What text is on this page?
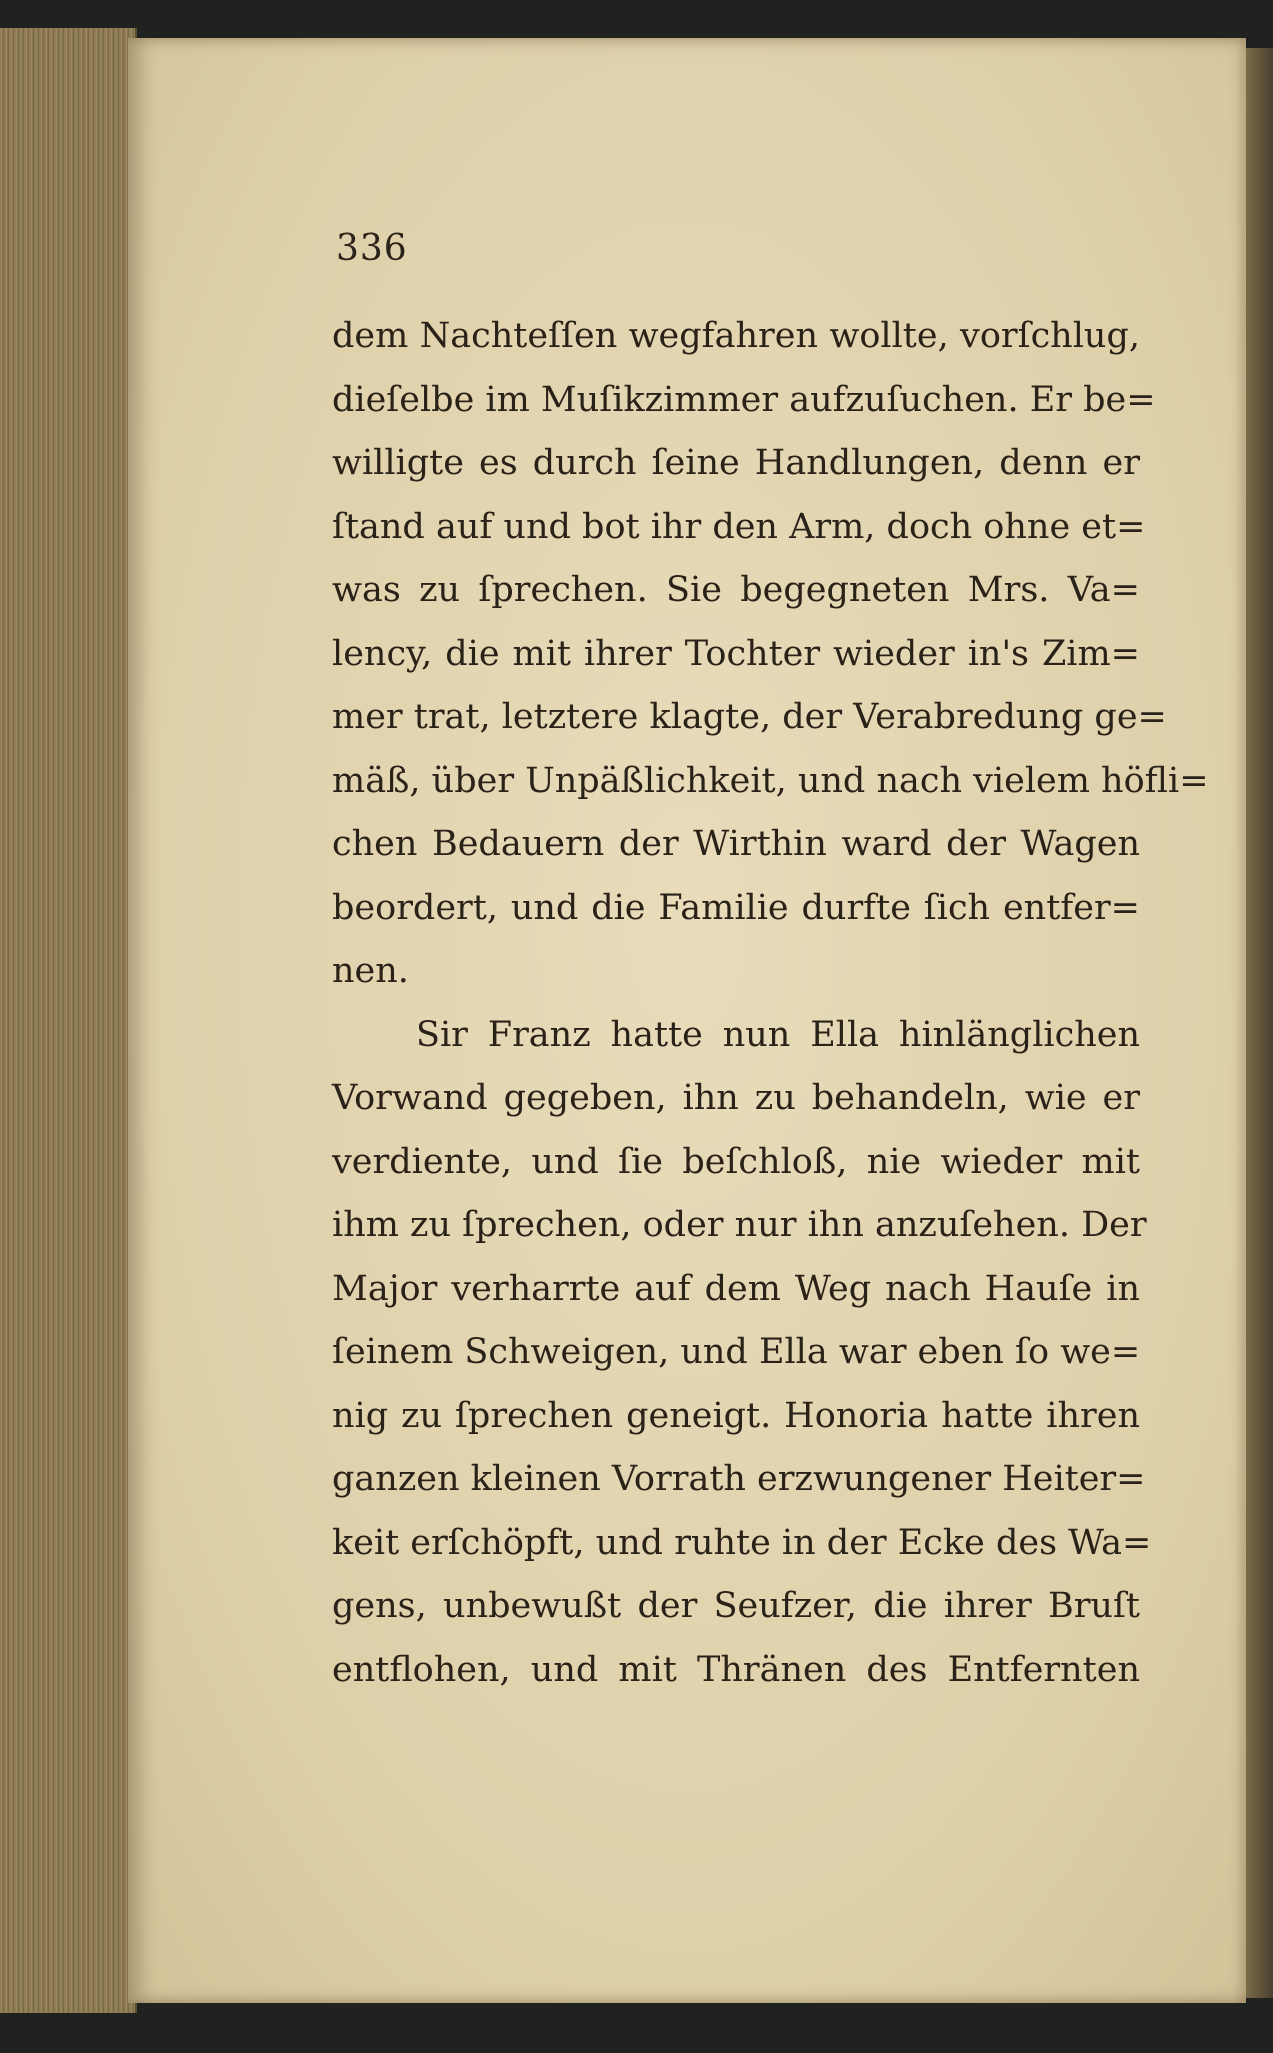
336
dem Nachteſſen wegfahren wollte, vorſchlug,
dieſelbe im Muſikzimmer aufzuſuchen. Er be=
willigte es durch ſeine Handlungen, denn er
ſtand auf und bot ihr den Arm, doch ohne et=
was zu ſprechen. Sie begegneten Mrs. Va=
lency, die mit ihrer Tochter wieder in's Zim=
mer trat, letztere klagte, der Verabredung ge=
mäß, über Unpäßlichkeit, und nach vielem höfli=
chen Bedauern der Wirthin ward der Wagen
beordert, und die Familie durfte ſich entfer=
nen.
Sir Franz hatte nun Ella hinlänglichen
Vorwand gegeben, ihn zu behandeln, wie er
verdiente, und ſie beſchloß, nie wieder mit
ihm zu ſprechen, oder nur ihn anzuſehen. Der
Major verharrte auf dem Weg nach Hauſe in
ſeinem Schweigen, und Ella war eben ſo we=
nig zu ſprechen geneigt. Honoria hatte ihren
ganzen kleinen Vorrath erzwungener Heiter=
keit erſchöpft, und ruhte in der Ecke des Wa=
gens, unbewußt der Seufzer, die ihrer Bruſt
entflohen, und mit Thränen des Entfernten
